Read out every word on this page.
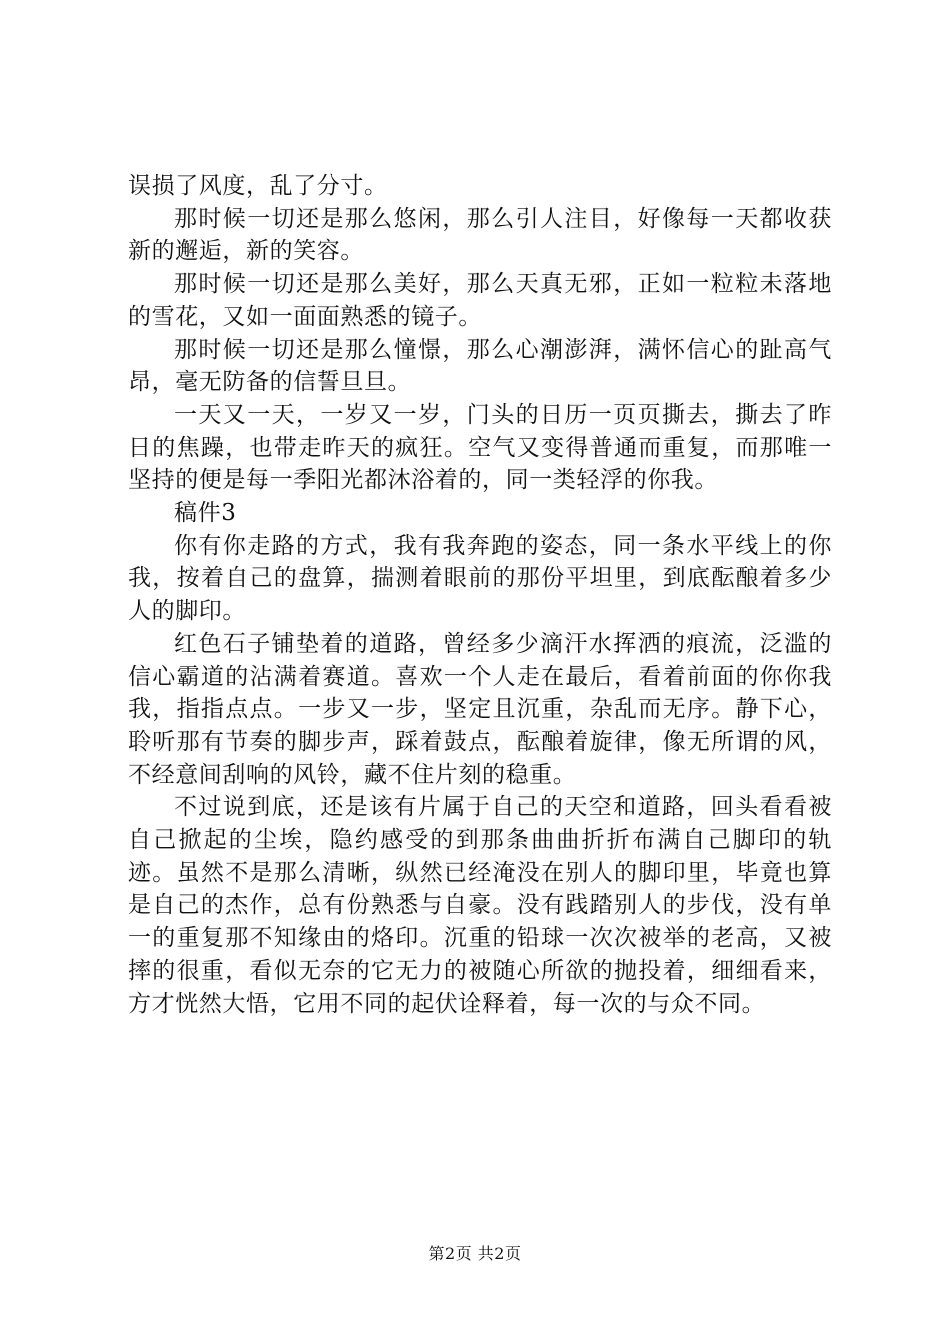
误损了风度，乱了分寸。

那时候一切还是那么悠闲，那么引人注目，好像每一天都收获新的邂逅，新的笑容。

那时候一切还是那么美好，那么天真无邪，正如一粒粒未落地的雪花，又如一面面熟悉的镜子。

那时候一切还是那么憧憬，那么心潮澎湃，满怀信心的趾高气昂，毫无防备的信誓旦旦。

一天又一天，一岁又一岁，门头的日历一页页撕去，撕去了昨日的焦躁，也带走昨天的疯狂。空气又变得普通而重复，而那唯一坚持的便是每一季阳光都沐浴着的，同一类轻浮的你我。

稿件3

你有你走路的方式，我有我奔跑的姿态，同一条水平线上的你我，按着自己的盘算，揣测着眼前的那份平坦里，到底酝酿着多少人的脚印。

红色石子铺垫着的道路，曾经多少滴汗水挥洒的痕流，泛滥的信心霸道的沾满着赛道。喜欢一个人走在最后，看着前面的你你我我，指指点点。一步又一步，坚定且沉重，杂乱而无序。静下心，聆听那有节奏的脚步声，踩着鼓点，酝酿着旋律，像无所谓的风，不经意间刮响的风铃，藏不住片刻的稳重。

不过说到底，还是该有片属于自己的天空和道路，回头看看被自己掀起的尘埃，隐约感受的到那条曲曲折折布满自己脚印的轨迹。虽然不是那么清晰，纵然已经淹没在别人的脚印里，毕竟也算是自己的杰作，总有份熟悉与自豪。没有践踏别人的步伐，没有单一的重复那不知缘由的烙印。沉重的铅球一次次被举的老高，又被摔的很重，看似无奈的它无力的被随心所欲的抛投着，细细看来，方才恍然大悟，它用不同的起伏诠释着，每一次的与众不同。

第2页 共2页
